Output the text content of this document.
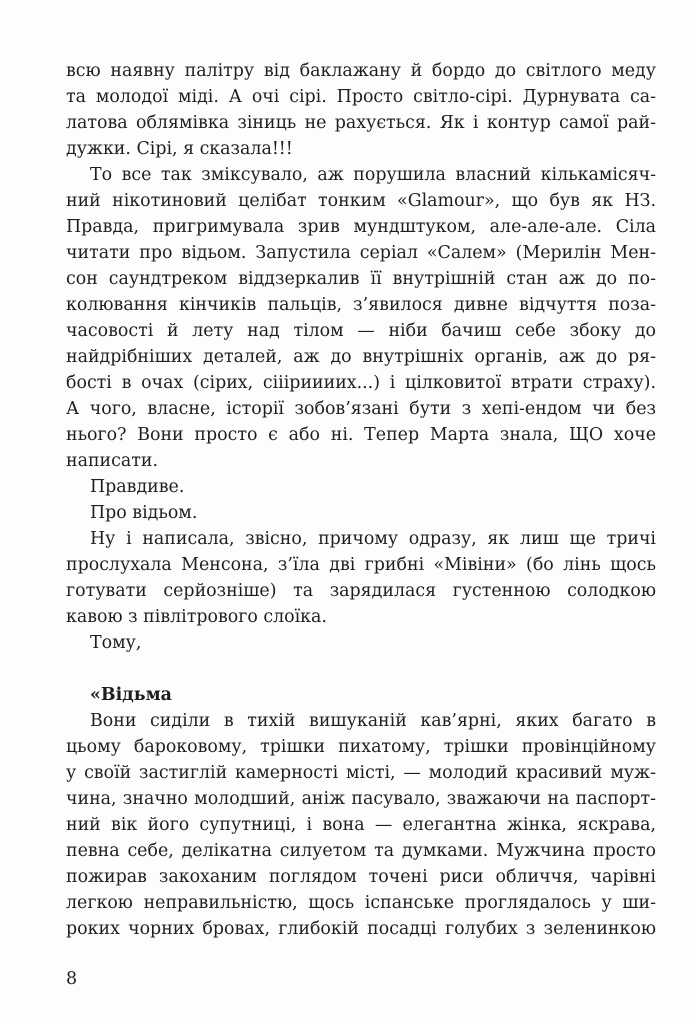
всю наявну палітру від баклажану й бордо до світлого меду
та молодої міді. А очі сірі. Просто світло-сірі. Дурнувата са-
латова облямівка зіниць не рахується. Як і контур самої рай-
дужки. Сірі, я сказала!!!
То все так зміксувало, аж порушила власний кількамісяч-
ний нікотиновий целібат тонким «Glamour», що був як НЗ.
Правда, пригримувала зрив мундштуком, але-але-але. Сіла
читати про відьом. Запустила серіал «Салем» (Мерилін Мен-
сон саундтреком віддзеркалив її внутрішній стан аж до по-
колювання кінчиків пальців, з’явилося дивне відчуття поза-
часовості й лету над тілом — ніби бачиш себе збоку до
найдрібніших деталей, аж до внутрішніх органів, аж до ря-
бості в очах (сірих, сііірииииx...) і цілковитої втрати страху).
А чого, власне, історії зобов’язані бути з хепі-ендом чи без
нього? Вони просто є або ні. Тепер Марта знала, ЩО хоче
написати.
Правдиве.
Про відьом.
Ну і написала, звісно, причому одразу, як лиш ще тричі
прослухала Менсона, з’їла дві грибні «Мівіни» (бо лінь щось
готувати серйозніше) та зарядилася густенною солодкою
кавою з півлітрового слоїка.
Тому,
«Відьма
Вони сиділи в тихій вишуканій кав’ярні, яких багато в
цьому бароковому, трішки пихатому, трішки провінційному
у своїй застиглій камерності місті, — молодий красивий муж-
чина, значно молодший, аніж пасувало, зважаючи на паспорт-
ний вік його супутниці, і вона — елегантна жінка, яскрава,
певна себе, делікатна силуетом та думками. Мужчина просто
пожирав закоханим поглядом точені риси обличчя, чарівні
легкою неправильністю, щось іспанське проглядалось у ши-
роких чорних бровах, глибокій посадці голубих з зеленинкою
8
